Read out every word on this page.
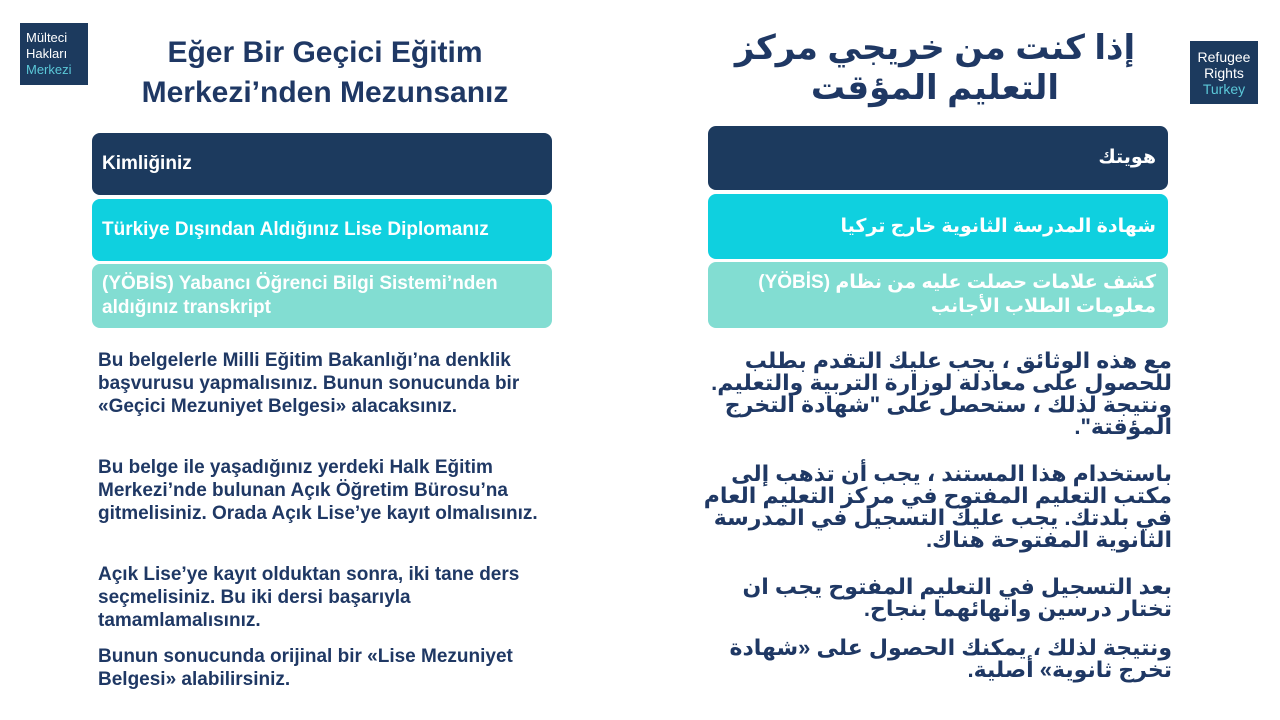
Mülteci
Hakları
Merkezi
Refugee
Rights
Turkey
Eğer Bir Geçici Eğitim Merkezi’nden Mezunsanız
إذا كنت من خريجي مركز التعليم المؤقت
Kimliğiniz
Türkiye Dışından Aldığınız Lise Diplomanız
(YÖBİS) Yabancı Öğrenci Bilgi Sistemi’nden aldığınız transkript
هويتك
شهادة المدرسة الثانوية خارج تركيا
كشف علامات حصلت عليه من نظام (YÖBİS) معلومات الطلاب الأجانب

Bu belgelerle Milli Eğitim Bakanlığı’na denklik başvurusu yapmalısınız. Bunun sonucunda bir «Geçici Mezuniyet Belgesi» alacaksınız.

Bu belge ile yaşadığınız yerdeki Halk Eğitim Merkezi’nde bulunan Açık Öğretim Bürosu’na gitmelisiniz. Orada Açık Lise’ye kayıt olmalısınız.

Açık Lise’ye kayıt olduktan sonra, iki tane ders seçmelisiniz. Bu iki dersi başarıyla tamamlamalısınız.

Bunun sonucunda orijinal bir «Lise Mezuniyet Belgesi» alabilirsiniz.

مع هذه الوثائق ، يجب عليك التقدم بطلب للحصول على معادلة لوزارة التربية والتعليم. ونتيجة لذلك ، ستحصل على "شهادة التخرج المؤقتة".

باستخدام هذا المستند ، يجب أن تذهب إلى مكتب التعليم المفتوح في مركز التعليم العام في بلدتك. يجب عليك التسجيل في المدرسة الثانوية المفتوحة هناك.

بعد التسجيل في التعليم المفتوح يجب ان تختار درسين وانهائهما بنجاح.

ونتيجة لذلك ، يمكنك الحصول على «شهادة تخرج ثانوية» أصلية.
